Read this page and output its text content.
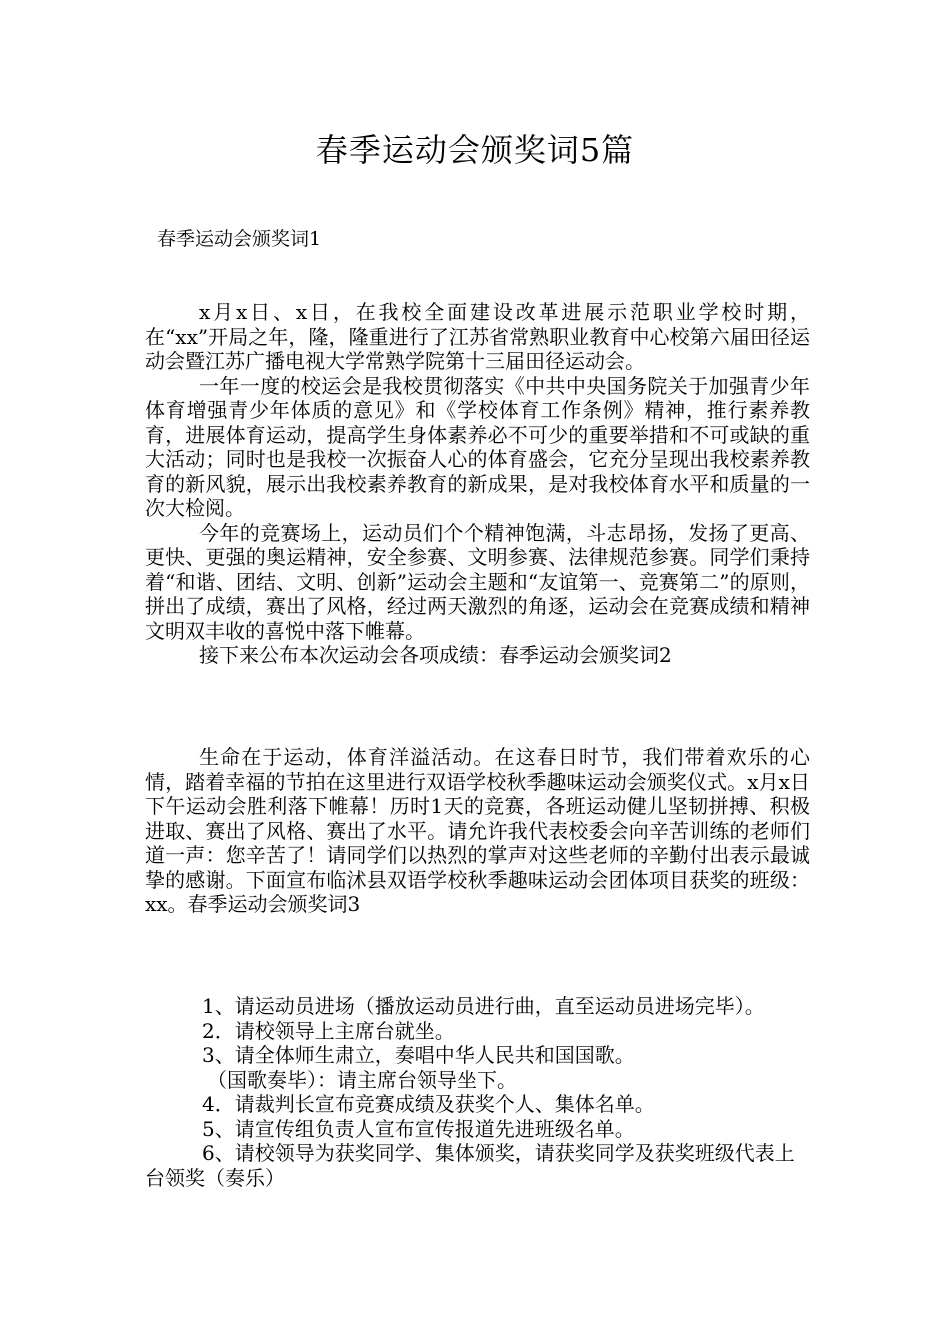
春季运动会颁奖词5篇
春季运动会颁奖词1

x月x日、x日，在我校全面建设改革进展示范职业学校时期，在“xx”开局之年，隆，隆重进行了江苏省常熟职业教育中心校第六届田径运动会暨江苏广播电视大学常熟学院第十三届田径运动会。

一年一度的校运会是我校贯彻落实《中共中央国务院关于加强青少年体育增强青少年体质的意见》和《学校体育工作条例》精神，推行素养教育，进展体育运动，提高学生身体素养必不可少的重要举措和不可或缺的重大活动；同时也是我校一次振奋人心的体育盛会，它充分呈现出我校素养教育的新风貌，展示出我校素养教育的新成果，是对我校体育水平和质量的一次大检阅。

今年的竞赛场上，运动员们个个精神饱满，斗志昂扬，发扬了更高、更快、更强的奥运精神，安全参赛、文明参赛、法律规范参赛。同学们秉持着“和谐、团结、文明、创新”运动会主题和“友谊第一、竞赛第二”的原则，拼出了成绩，赛出了风格，经过两天激烈的角逐，运动会在竞赛成绩和精神文明双丰收的喜悦中落下帷幕。

接下来公布本次运动会各项成绩：春季运动会颁奖词2

生命在于运动，体育洋溢活动。在这春日时节，我们带着欢乐的心情，踏着幸福的节拍在这里进行双语学校秋季趣味运动会颁奖仪式。x月x日下午运动会胜利落下帷幕！历时1天的竞赛，各班运动健儿坚韧拼搏、积极进取、赛出了风格、赛出了水平。请允许我代表校委会向辛苦训练的老师们道一声：您辛苦了！请同学们以热烈的掌声对这些老师的辛勤付出表示最诚挚的感谢。下面宣布临沭县双语学校秋季趣味运动会团体项目获奖的班级：xx。春季运动会颁奖词3

1、请运动员进场（播放运动员进行曲，直至运动员进场完毕）。

2．请校领导上主席台就坐。

3、请全体师生肃立，奏唱中华人民共和国国歌。

（国歌奏毕）：请主席台领导坐下。

4．请裁判长宣布竞赛成绩及获奖个人、集体名单。

5、请宣传组负责人宣布宣传报道先进班级名单。

6、请校领导为获奖同学、集体颁奖，请获奖同学及获奖班级代表上台领奖（奏乐）
